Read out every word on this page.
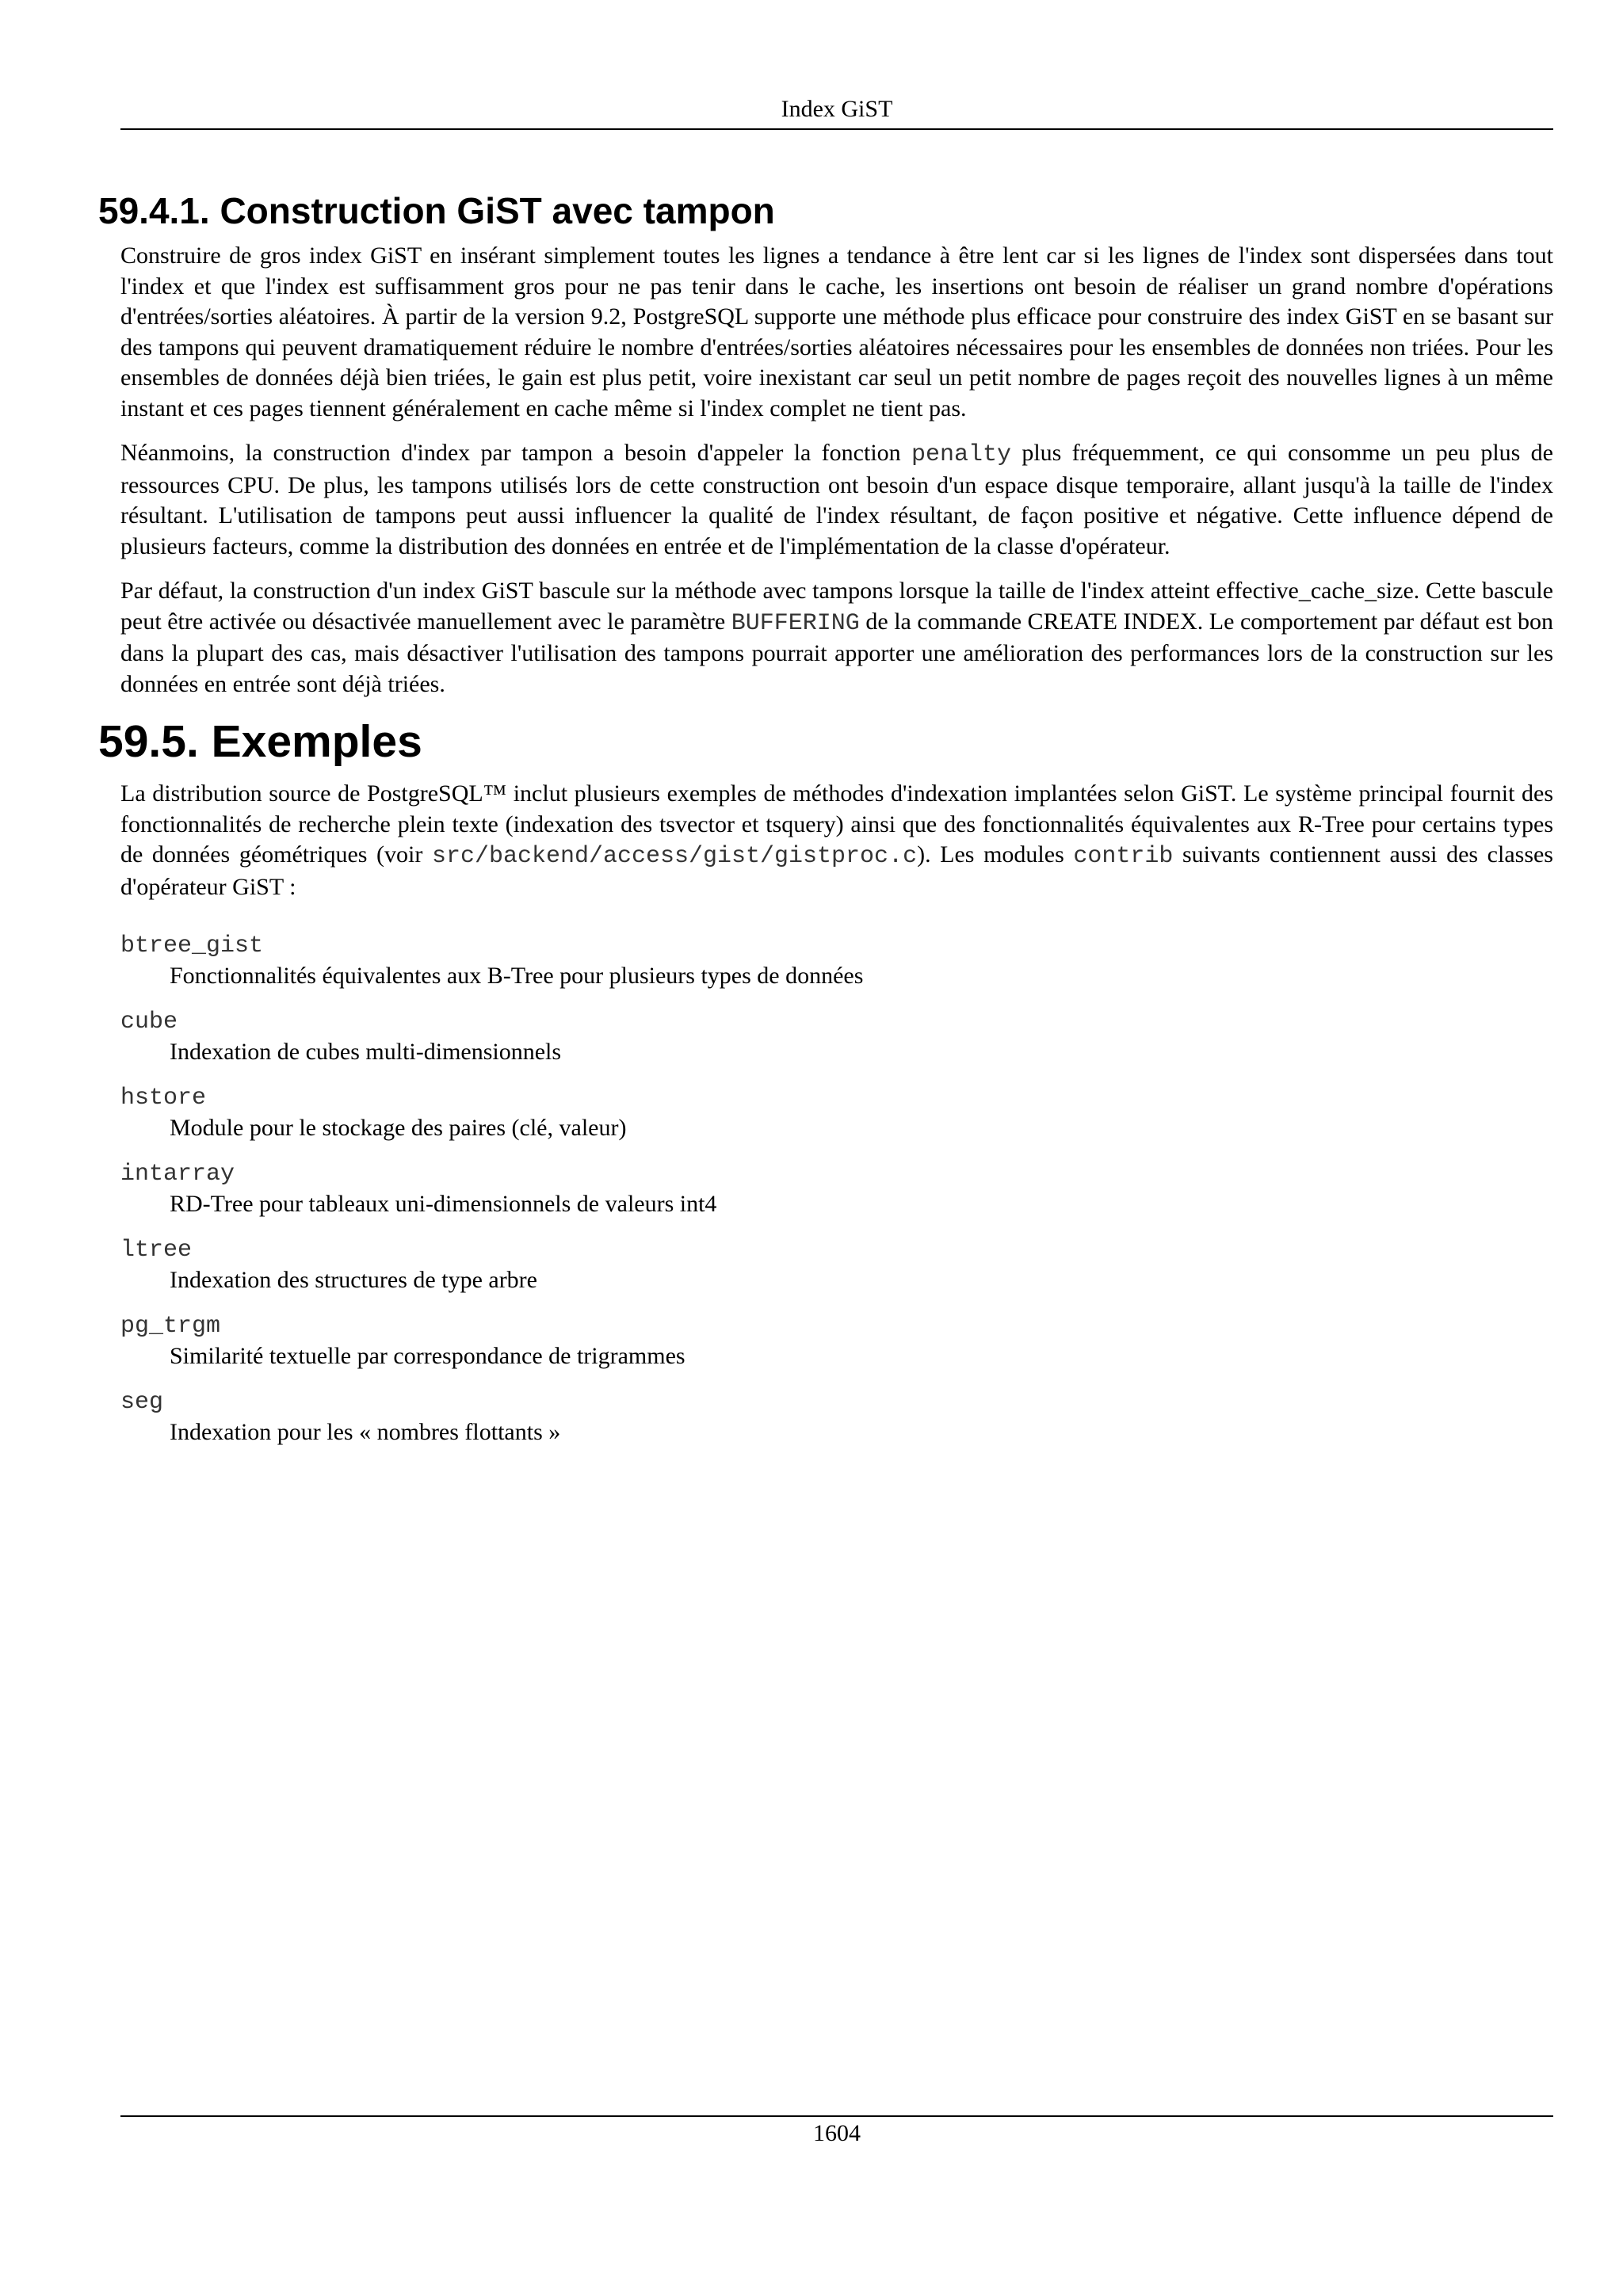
Index GiST
59.4.1. Construction GiST avec tampon

Construire de gros index GiST en insérant simplement toutes les lignes a tendance à être lent car si les lignes de l'index sont dispersées dans tout l'index et que l'index est suffisamment gros pour ne pas tenir dans le cache, les insertions ont besoin de réaliser un grand nombre d'opérations d'entrées/sorties aléatoires. À partir de la version 9.2, PostgreSQL supporte une méthode plus efficace pour construire des index GiST en se basant sur des tampons qui peuvent dramatiquement réduire le nombre d'entrées/sorties aléatoires nécessaires pour les ensembles de données non triées. Pour les ensembles de données déjà bien triées, le gain est plus petit, voire inexistant car seul un petit nombre de pages reçoit des nouvelles lignes à un même instant et ces pages tiennent généralement en cache même si l'index complet ne tient pas.

Néanmoins, la construction d'index par tampon a besoin d'appeler la fonction penalty plus fréquemment, ce qui consomme un peu plus de ressources CPU. De plus, les tampons utilisés lors de cette construction ont besoin d'un espace disque temporaire, allant jusqu'à la taille de l'index résultant. L'utilisation de tampons peut aussi influencer la qualité de l'index résultant, de façon positive et négative. Cette influence dépend de plusieurs facteurs, comme la distribution des données en entrée et de l'implémentation de la classe d'opérateur.

Par défaut, la construction d'un index GiST bascule sur la méthode avec tampons lorsque la taille de l'index atteint effective_cache_size. Cette bascule peut être activée ou désactivée manuellement avec le paramètre BUFFERING de la commande CREATE INDEX. Le comportement par défaut est bon dans la plupart des cas, mais désactiver l'utilisation des tampons pourrait apporter une amélioration des performances lors de la construction sur les données en entrée sont déjà triées.

59.5. Exemples

La distribution source de PostgreSQL™ inclut plusieurs exemples de méthodes d'indexation implantées selon GiST. Le système principal fournit des fonctionnalités de recherche plein texte (indexation des tsvector et tsquery) ainsi que des fonctionnalités équivalentes aux R-Tree pour certains types de données géométriques (voir src/backend/access/gist/gistproc.c). Les modules contrib suivants contiennent aussi des classes d'opérateur GiST :

btree_gist
Fonctionnalités équivalentes aux B-Tree pour plusieurs types de données
cube
Indexation de cubes multi-dimensionnels
hstore
Module pour le stockage des paires (clé, valeur)
intarray
RD-Tree pour tableaux uni-dimensionnels de valeurs int4
ltree
Indexation des structures de type arbre
pg_trgm
Similarité textuelle par correspondance de trigrammes
seg
Indexation pour les « nombres flottants »
1604
